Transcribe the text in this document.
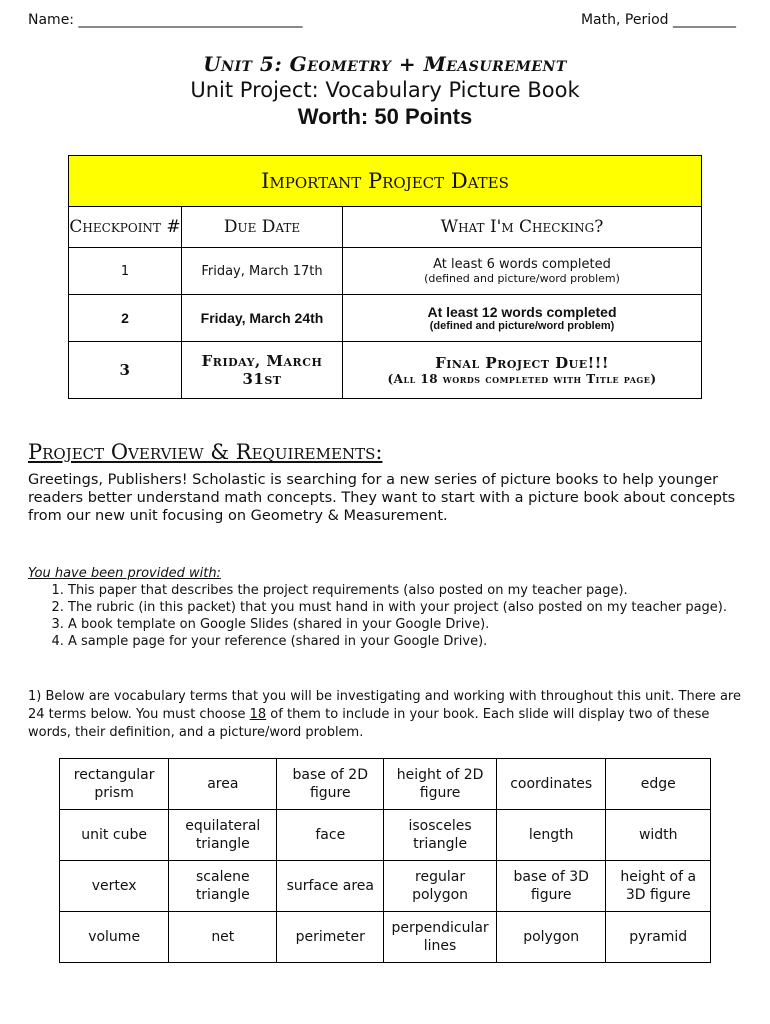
Name: ________________________________	Math, Period _________
Unit 5: Geometry + Measurement
Unit Project: Vocabulary Picture Book
Worth: 50 Points
Important Project Dates		
Checkpoint #	Due Date	What I'm Checking?
1	Friday, March 17th	At least 6 words completed
(defined and picture/word problem)

2	Friday, March 24th	At least 12 words completed
(defined and picture/word problem)

3	Friday, March 31st	Final Project Due!!!
(All 18 words completed with Title page)
Project Overview & Requirements:
Greetings, Publishers! Scholastic is searching for a new series of picture books to help younger readers better understand math concepts. They want to start with a picture book about concepts from our new unit focusing on Geometry & Measurement.
You have been provided with:
1. This paper that describes the project requirements (also posted on my teacher page).
2. The rubric (in this packet) that you must hand in with your project (also posted on my teacher page).
3. A book template on Google Slides (shared in your Google Drive).
4. A sample page for your reference (shared in your Google Drive).
1) Below are vocabulary terms that you will be investigating and working with throughout this unit. There are 24 terms below. You must choose 18 of them to include in your book. Each slide will display two of these words, their definition, and a picture/word problem.
rectangular prism	area	base of 2D figure	height of 2D figure	coordinates	edge
unit cube	equilateral triangle	face	isosceles triangle	length	width
vertex	scalene triangle	surface area	regular polygon	base of 3D figure	height of a 3D figure
volume	net	perimeter	perpendicular lines	polygon	pyramid
